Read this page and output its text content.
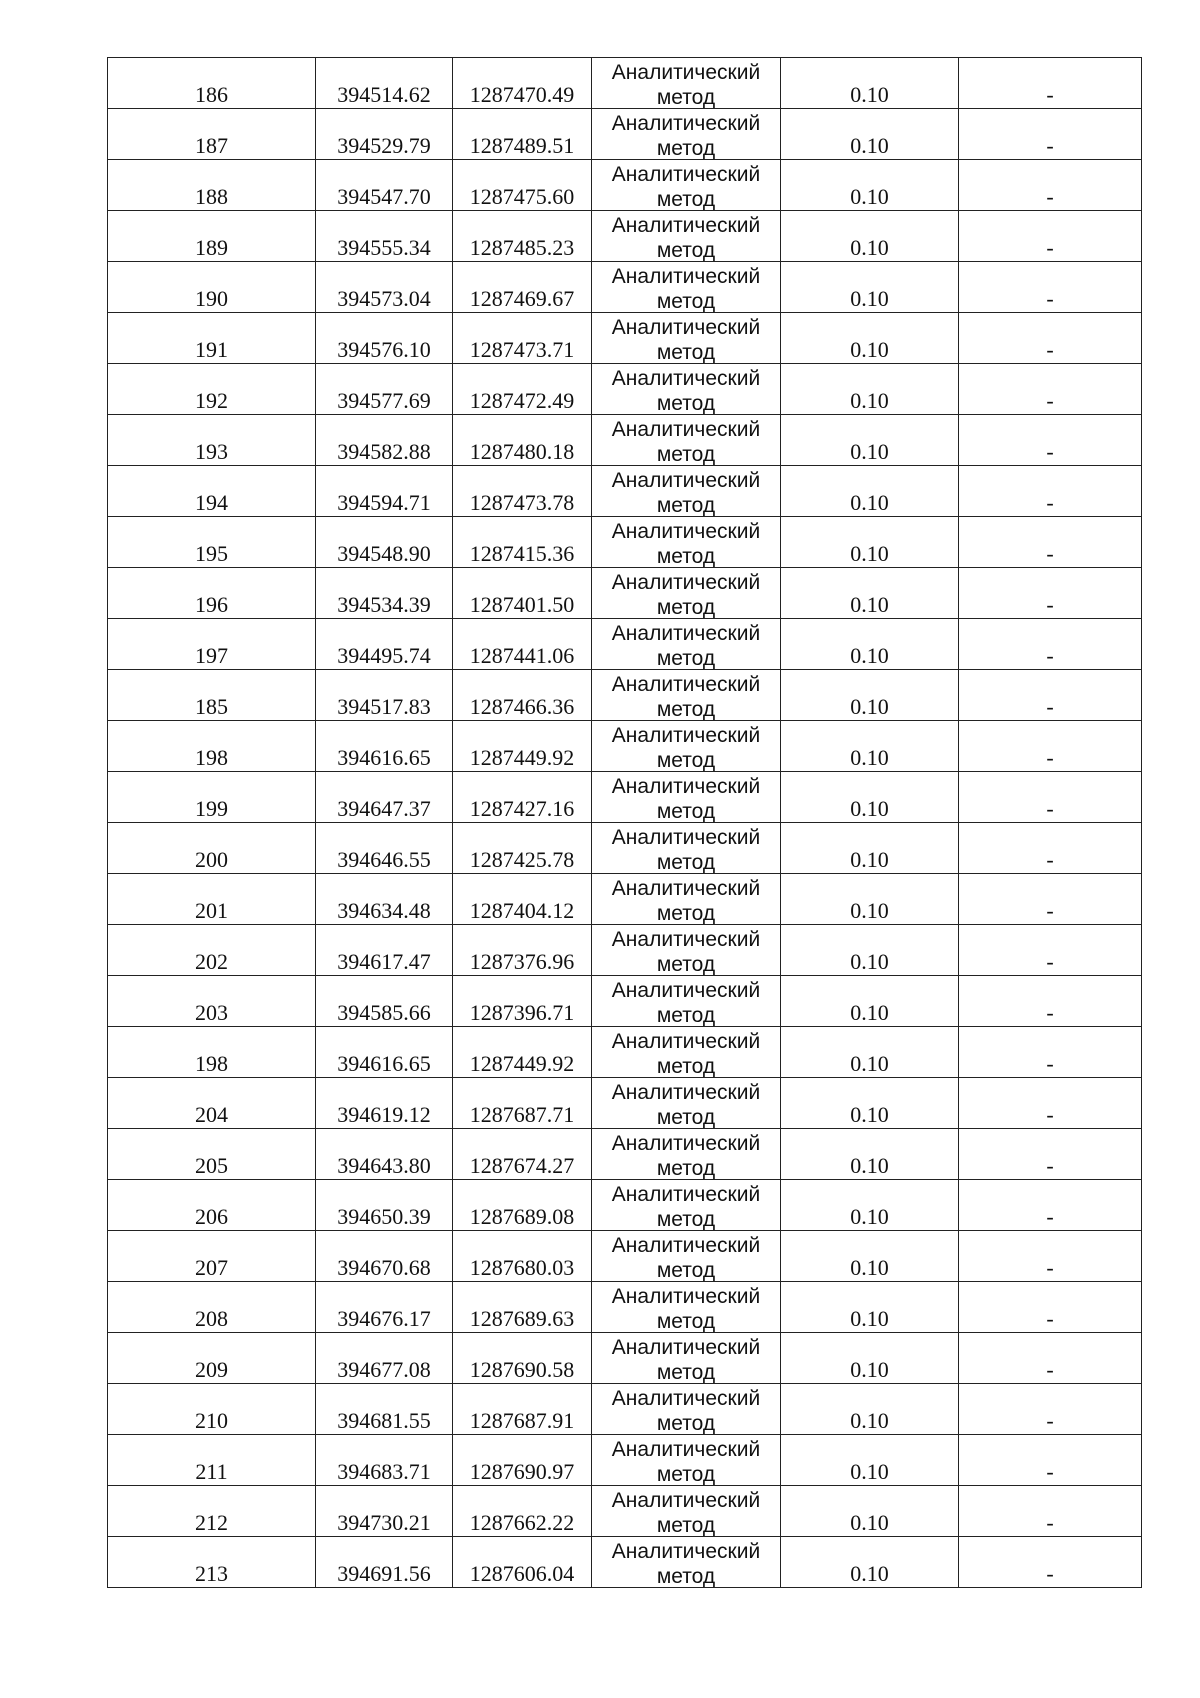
186	394514.62	1287470.49	Аналитический
метод	0.10	-

187	394529.79	1287489.51	Аналитический
метод	0.10	-

188	394547.70	1287475.60	Аналитический
метод	0.10	-

189	394555.34	1287485.23	Аналитический
метод	0.10	-

190	394573.04	1287469.67	Аналитический
метод	0.10	-

191	394576.10	1287473.71	Аналитический
метод	0.10	-

192	394577.69	1287472.49	Аналитический
метод	0.10	-

193	394582.88	1287480.18	Аналитический
метод	0.10	-

194	394594.71	1287473.78	Аналитический
метод	0.10	-

195	394548.90	1287415.36	Аналитический
метод	0.10	-

196	394534.39	1287401.50	Аналитический
метод	0.10	-

197	394495.74	1287441.06	Аналитический
метод	0.10	-

185	394517.83	1287466.36	Аналитический
метод	0.10	-

198	394616.65	1287449.92	Аналитический
метод	0.10	-

199	394647.37	1287427.16	Аналитический
метод	0.10	-

200	394646.55	1287425.78	Аналитический
метод	0.10	-

201	394634.48	1287404.12	Аналитический
метод	0.10	-

202	394617.47	1287376.96	Аналитический
метод	0.10	-

203	394585.66	1287396.71	Аналитический
метод	0.10	-

198	394616.65	1287449.92	Аналитический
метод	0.10	-

204	394619.12	1287687.71	Аналитический
метод	0.10	-

205	394643.80	1287674.27	Аналитический
метод	0.10	-

206	394650.39	1287689.08	Аналитический
метод	0.10	-

207	394670.68	1287680.03	Аналитический
метод	0.10	-

208	394676.17	1287689.63	Аналитический
метод	0.10	-

209	394677.08	1287690.58	Аналитический
метод	0.10	-

210	394681.55	1287687.91	Аналитический
метод	0.10	-

211	394683.71	1287690.97	Аналитический
метод	0.10	-

212	394730.21	1287662.22	Аналитический
метод	0.10	-

213	394691.56	1287606.04	Аналитический
метод	0.10	-
